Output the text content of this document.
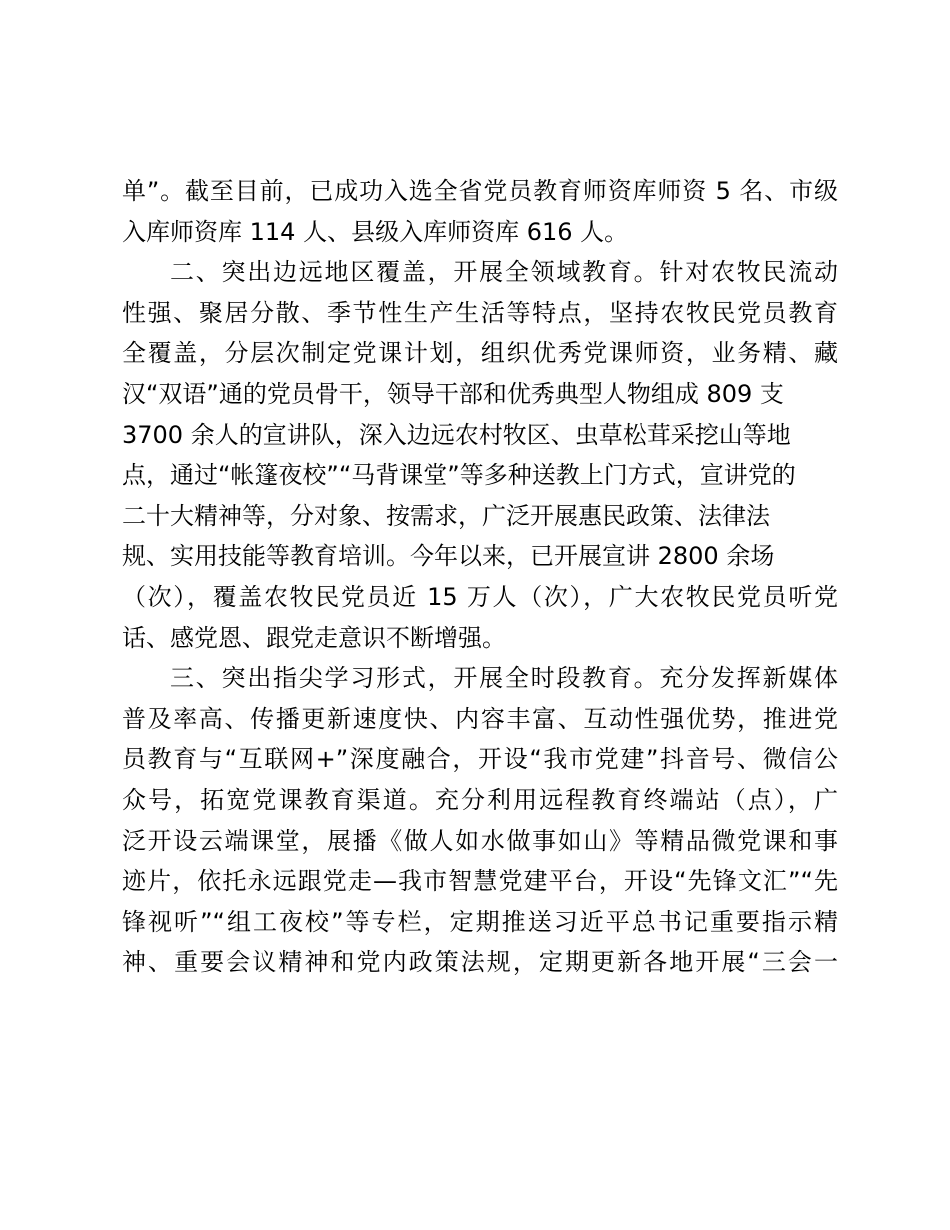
单”。截至目前，已成功入选全省党员教育师资库师资 5 名、市级
入库师资库 114 人、县级入库师资库 616 人。
二、突出边远地区覆盖，开展全领域教育。针对农牧民流动
性强、聚居分散、季节性生产生活等特点，坚持农牧民党员教育
全覆盖，分层次制定党课计划，组织优秀党课师资，业务精、藏
汉“双语”通的党员骨干，领导干部和优秀典型人物组成 809 支
3700 余人的宣讲队，深入边远农村牧区、虫草松茸采挖山等地
点，通过“帐篷夜校”“马背课堂”等多种送教上门方式，宣讲党的
二十大精神等，分对象、按需求，广泛开展惠民政策、法律法
规、实用技能等教育培训。今年以来，已开展宣讲 2800 余场
（次），覆盖农牧民党员近 15 万人（次），广大农牧民党员听党
话、感党恩、跟党走意识不断增强。
三、突出指尖学习形式，开展全时段教育。充分发挥新媒体
普及率高、传播更新速度快、内容丰富、互动性强优势，推进党
员教育与“互联网+”深度融合，开设“我市党建”抖音号、微信公
众号，拓宽党课教育渠道。充分利用远程教育终端站（点），广
泛开设云端课堂，展播《做人如水做事如山》等精品微党课和事
迹片，依托永远跟党走—我市智慧党建平台，开设“先锋文汇”“先
锋视听”“组工夜校”等专栏，定期推送习近平总书记重要指示精
神、重要会议精神和党内政策法规，定期更新各地开展“三会一
